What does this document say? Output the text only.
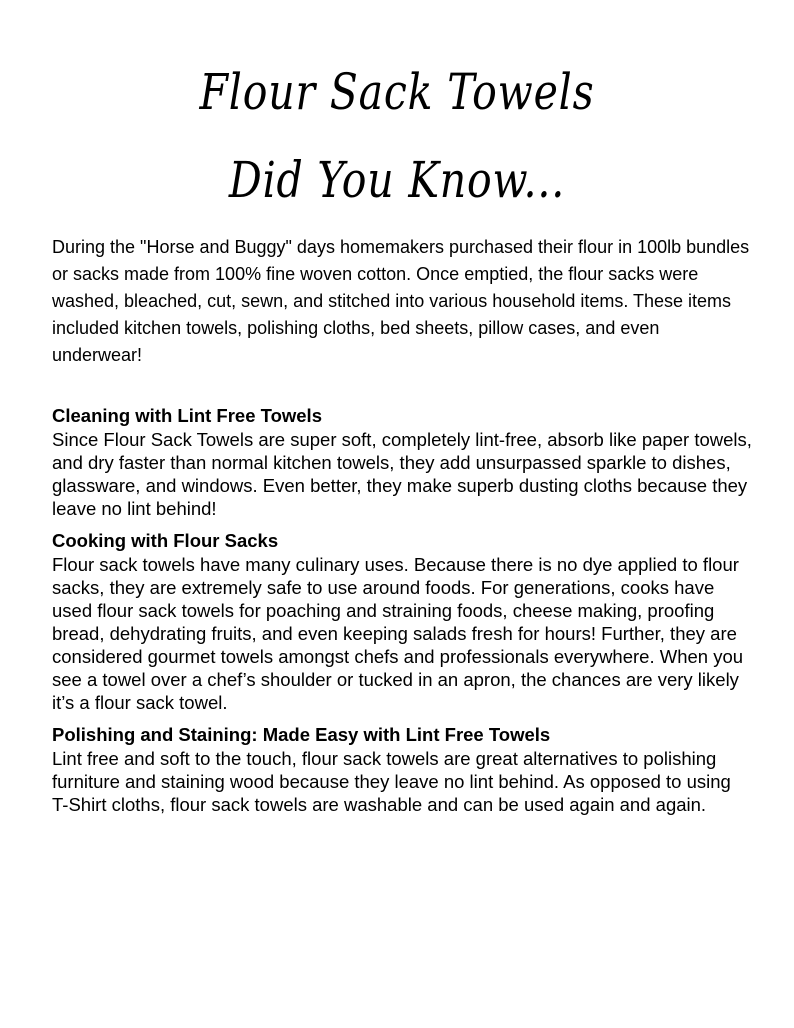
Flour Sack Towels
Did You Know...

During the "Horse and Buggy" days homemakers purchased their flour in 100lb bundles or sacks made from 100% fine woven cotton. Once emptied, the flour sacks were washed, bleached, cut, sewn, and stitched into various household items. These items included kitchen towels, polishing cloths, bed sheets, pillow cases, and even underwear!

Cleaning with Lint Free Towels

Since Flour Sack Towels are super soft, completely lint-free, absorb like paper towels, and dry faster than normal kitchen towels, they add unsurpassed sparkle to dishes, glassware, and windows. Even better, they make superb dusting cloths because they leave no lint behind!

Cooking with Flour Sacks

Flour sack towels have many culinary uses. Because there is no dye applied to flour sacks, they are extremely safe to use around foods. For generations, cooks have used flour sack towels for poaching and straining foods, cheese making, proofing bread, dehydrating fruits, and even keeping salads fresh for hours! Further, they are considered gourmet towels amongst chefs and professionals everywhere. When you see a towel over a chef’s shoulder or tucked in an apron, the chances are very likely it’s a flour sack towel.

Polishing and Staining: Made Easy with Lint Free Towels

Lint free and soft to the touch, flour sack towels are great alternatives to polishing furniture and staining wood because they leave no lint behind. As opposed to using T-Shirt cloths, flour sack towels are washable and can be used again and again.
